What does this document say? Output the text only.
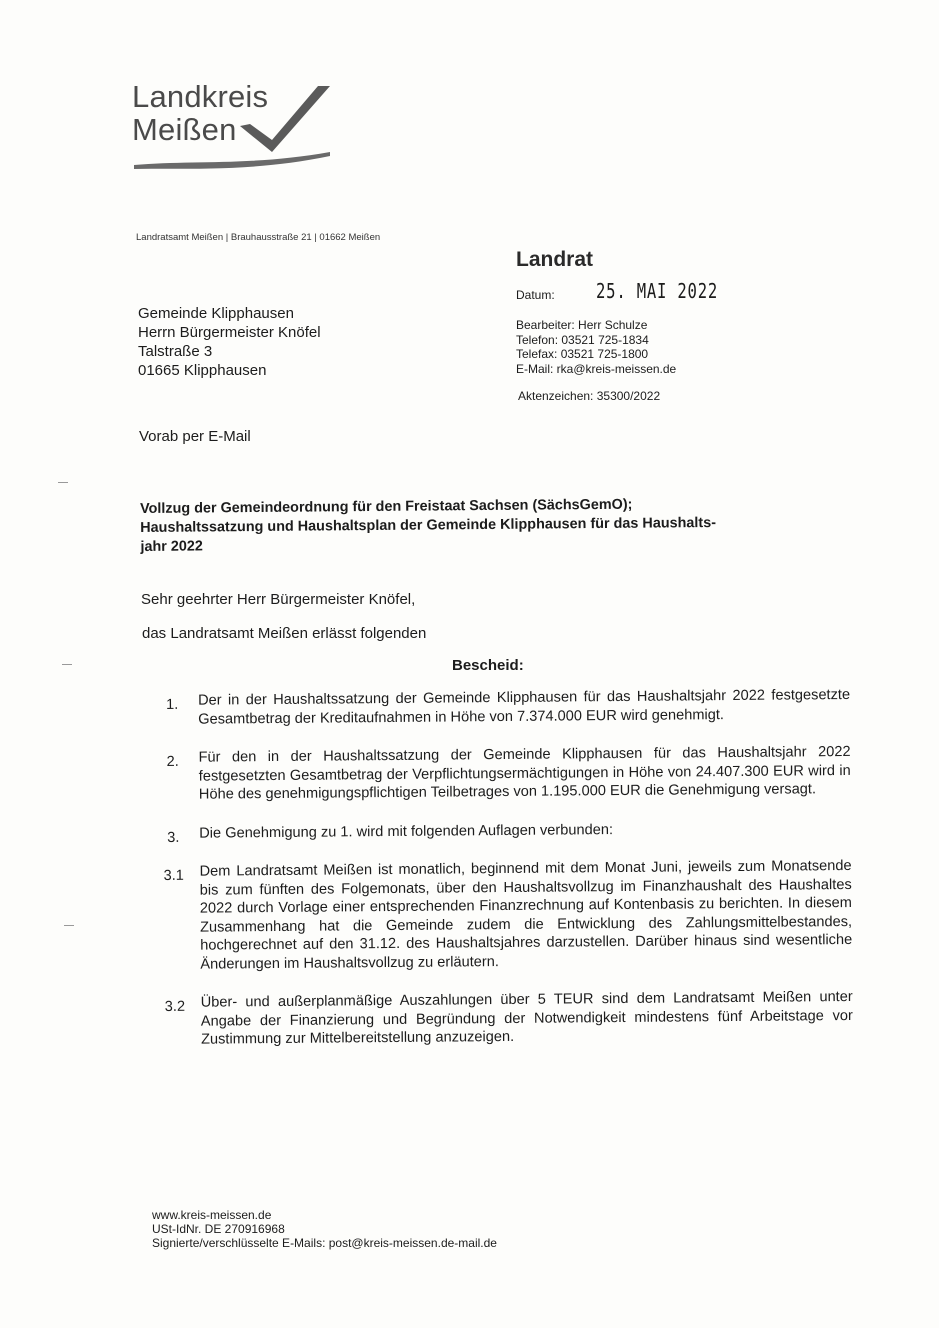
Landkreis
Meißen
Landratsamt Meißen | Brauhausstraße 21 | 01662 Meißen
Landrat
Datum: 25. MAI 2022
Gemeinde Klipphausen
Herrn Bürgermeister Knöfel
Talstraße 3
01665 Klipphausen
Bearbeiter: Herr Schulze
Telefon: 03521 725-1834
Telefax: 03521 725-1800
E-Mail: rka@kreis-meissen.de
Aktenzeichen: 35300/2022
Vorab per E-Mail
Vollzug der Gemeindeordnung für den Freistaat Sachsen (SächsGemO);
Haushaltssatzung und Haushaltsplan der Gemeinde Klipphausen für das Haushalts-
jahr 2022
Sehr geehrter Herr Bürgermeister Knöfel,
das Landratsamt Meißen erlässt folgenden
Bescheid:
1. Der in der Haushaltssatzung der Gemeinde Klipphausen für das Haushaltsjahr 2022 festgesetzte Gesamtbetrag der Kreditaufnahmen in Höhe von 7.374.000 EUR wird genehmigt.
2. Für den in der Haushaltssatzung der Gemeinde Klipphausen für das Haushaltsjahr 2022 festgesetzten Gesamtbetrag der Verpflichtungsermächtigungen in Höhe von 24.407.300 EUR wird in Höhe des genehmigungspflichtigen Teilbetrages von 1.195.000 EUR die Genehmigung versagt.
3. Die Genehmigung zu 1. wird mit folgenden Auflagen verbunden:
3.1 Dem Landratsamt Meißen ist monatlich, beginnend mit dem Monat Juni, jeweils zum Monatsende bis zum fünften des Folgemonats, über den Haushaltsvollzug im Finanzhaushalt des Haushaltes 2022 durch Vorlage einer entsprechenden Finanzrechnung auf Kontenbasis zu berichten. In diesem Zusammenhang hat die Gemeinde zudem die Entwicklung des Zahlungsmittelbestandes, hochgerechnet auf den 31.12. des Haushaltsjahres darzustellen. Darüber hinaus sind wesentliche Änderungen im Haushaltsvollzug zu erläutern.
3.2 Über- und außerplanmäßige Auszahlungen über 5 TEUR sind dem Landratsamt Meißen unter Angabe der Finanzierung und Begründung der Notwendigkeit mindestens fünf Arbeitstage vor Zustimmung zur Mittelbereitstellung anzuzeigen.
www.kreis-meissen.de
USt-IdNr. DE 270916968
Signierte/verschlüsselte E-Mails: post@kreis-meissen.de-mail.de
